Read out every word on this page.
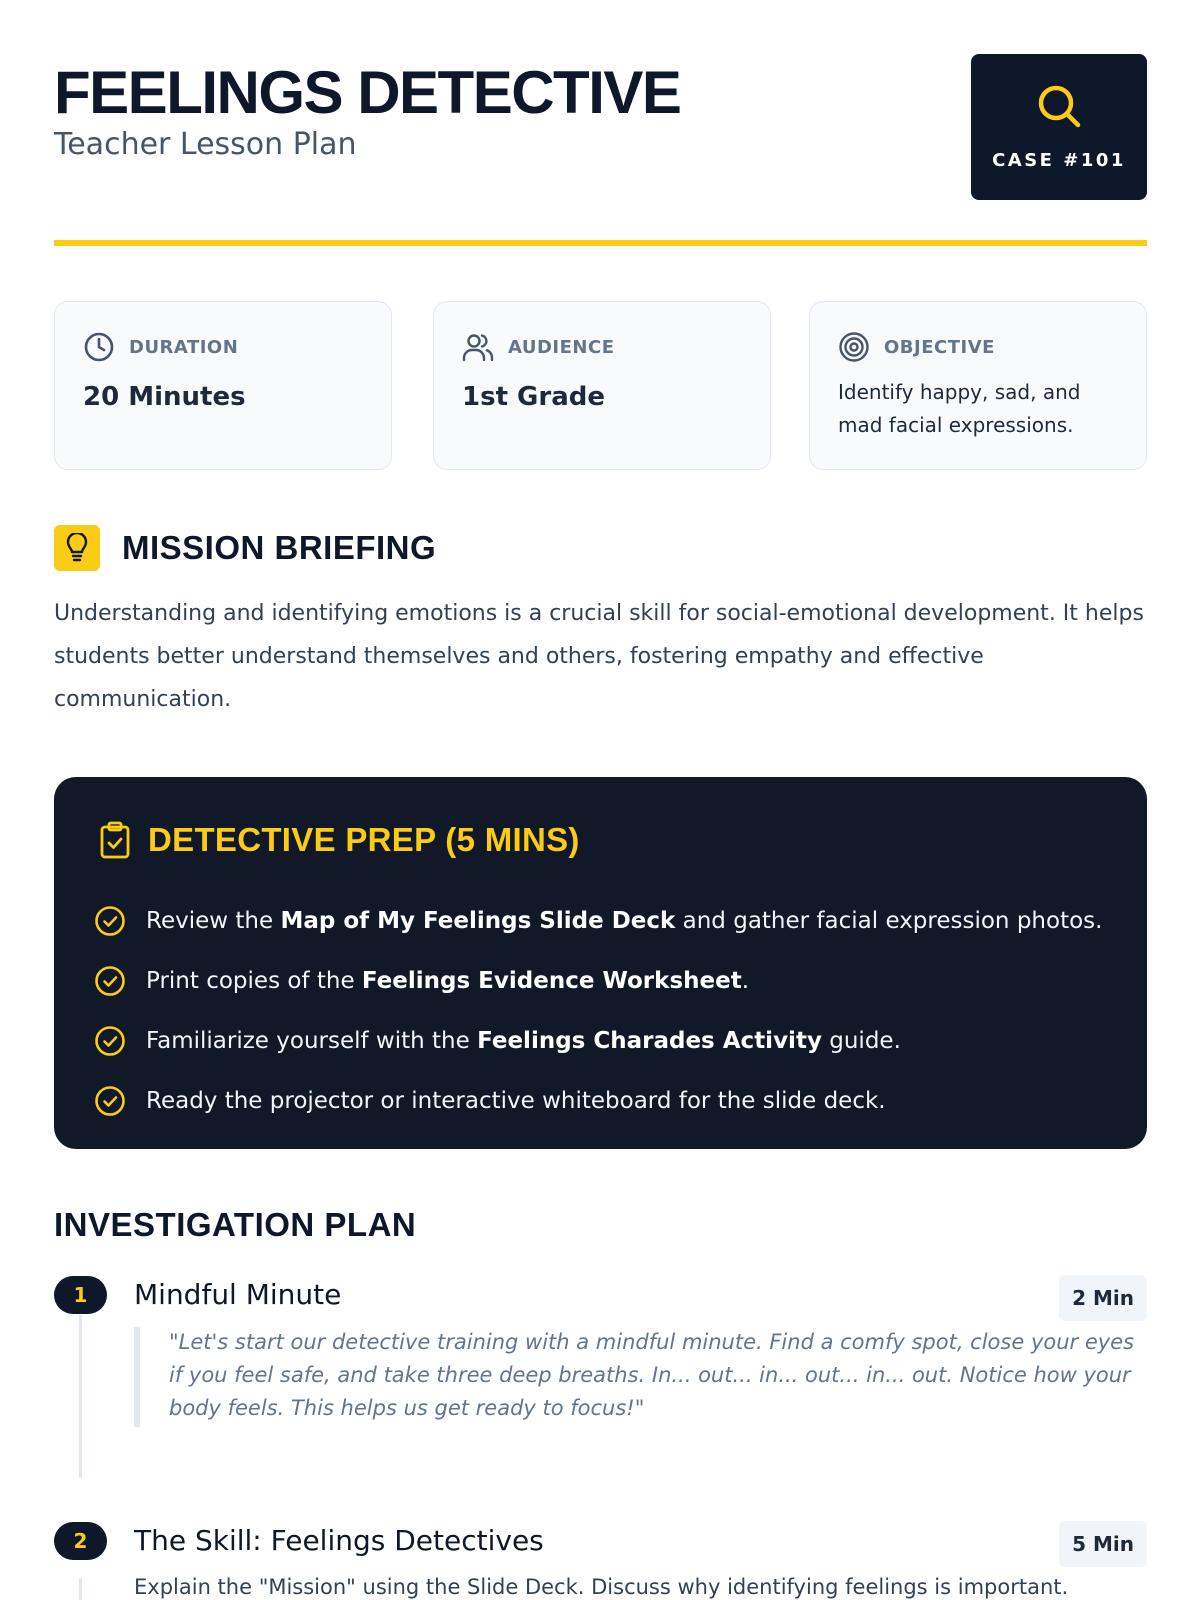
FEELINGS DETECTIVE
Teacher Lesson Plan	CASE #101
DURATION
20 Minutes
AUDIENCE
1st Grade
OBJECTIVE
Identify happy, sad, and mad facial expressions.
MISSION BRIEFING
Understanding and identifying emotions is a crucial skill for social-emotional development. It helps students better understand themselves and others, fostering empathy and effective communication.
DETECTIVE PREP (5 MINS)
Review the Map of My Feelings Slide Deck and gather facial expression photos.
Print copies of the Feelings Evidence Worksheet.
Familiarize yourself with the Feelings Charades Activity guide.
Ready the projector or interactive whiteboard for the slide deck.
INVESTIGATION PLAN
1	Mindful Minute	2 Min
"Let's start our detective training with a mindful minute. Find a comfy spot, close your eyes if you feel safe, and take three deep breaths. In... out... in... out... in... out. Notice how your body feels. This helps us get ready to focus!"
2	The Skill: Feelings Detectives	5 Min
Explain the "Mission" using the Slide Deck. Discuss why identifying feelings is important.
